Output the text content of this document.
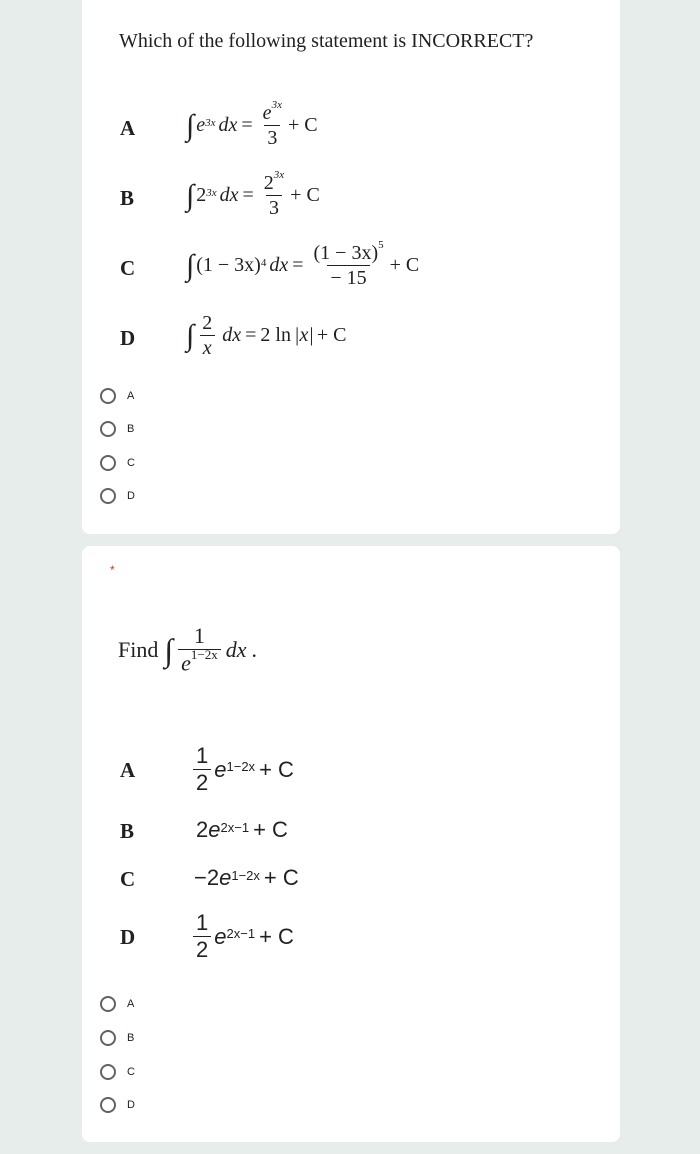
Which of the following statement is INCORRECT?
A ∫ e $^{3x}$ dx = $\frac{e^{3x}}{3} + C$
B ∫ 2 $^{3x}$ dx = $\frac{2^{3x}}{3} + C$
C ∫ $(1 - 3x)^4$ dx = $\frac{(1 - 3x)^5}{- 15} + C$
D ∫ $\frac{2}{x}$ dx = 2 ln |x| + C
A
B
C
D
*
Find ∫ $\frac{1}{e^{1-2x}}$ dx .
A	$\frac{1}{2} e^{1-2x} + C$
B	2 $e^{2x-1} + C$
C	−2 $e^{1-2x} + C$
D	$\frac{1}{2} e^{2x-1} + C$
A
B
C
D
